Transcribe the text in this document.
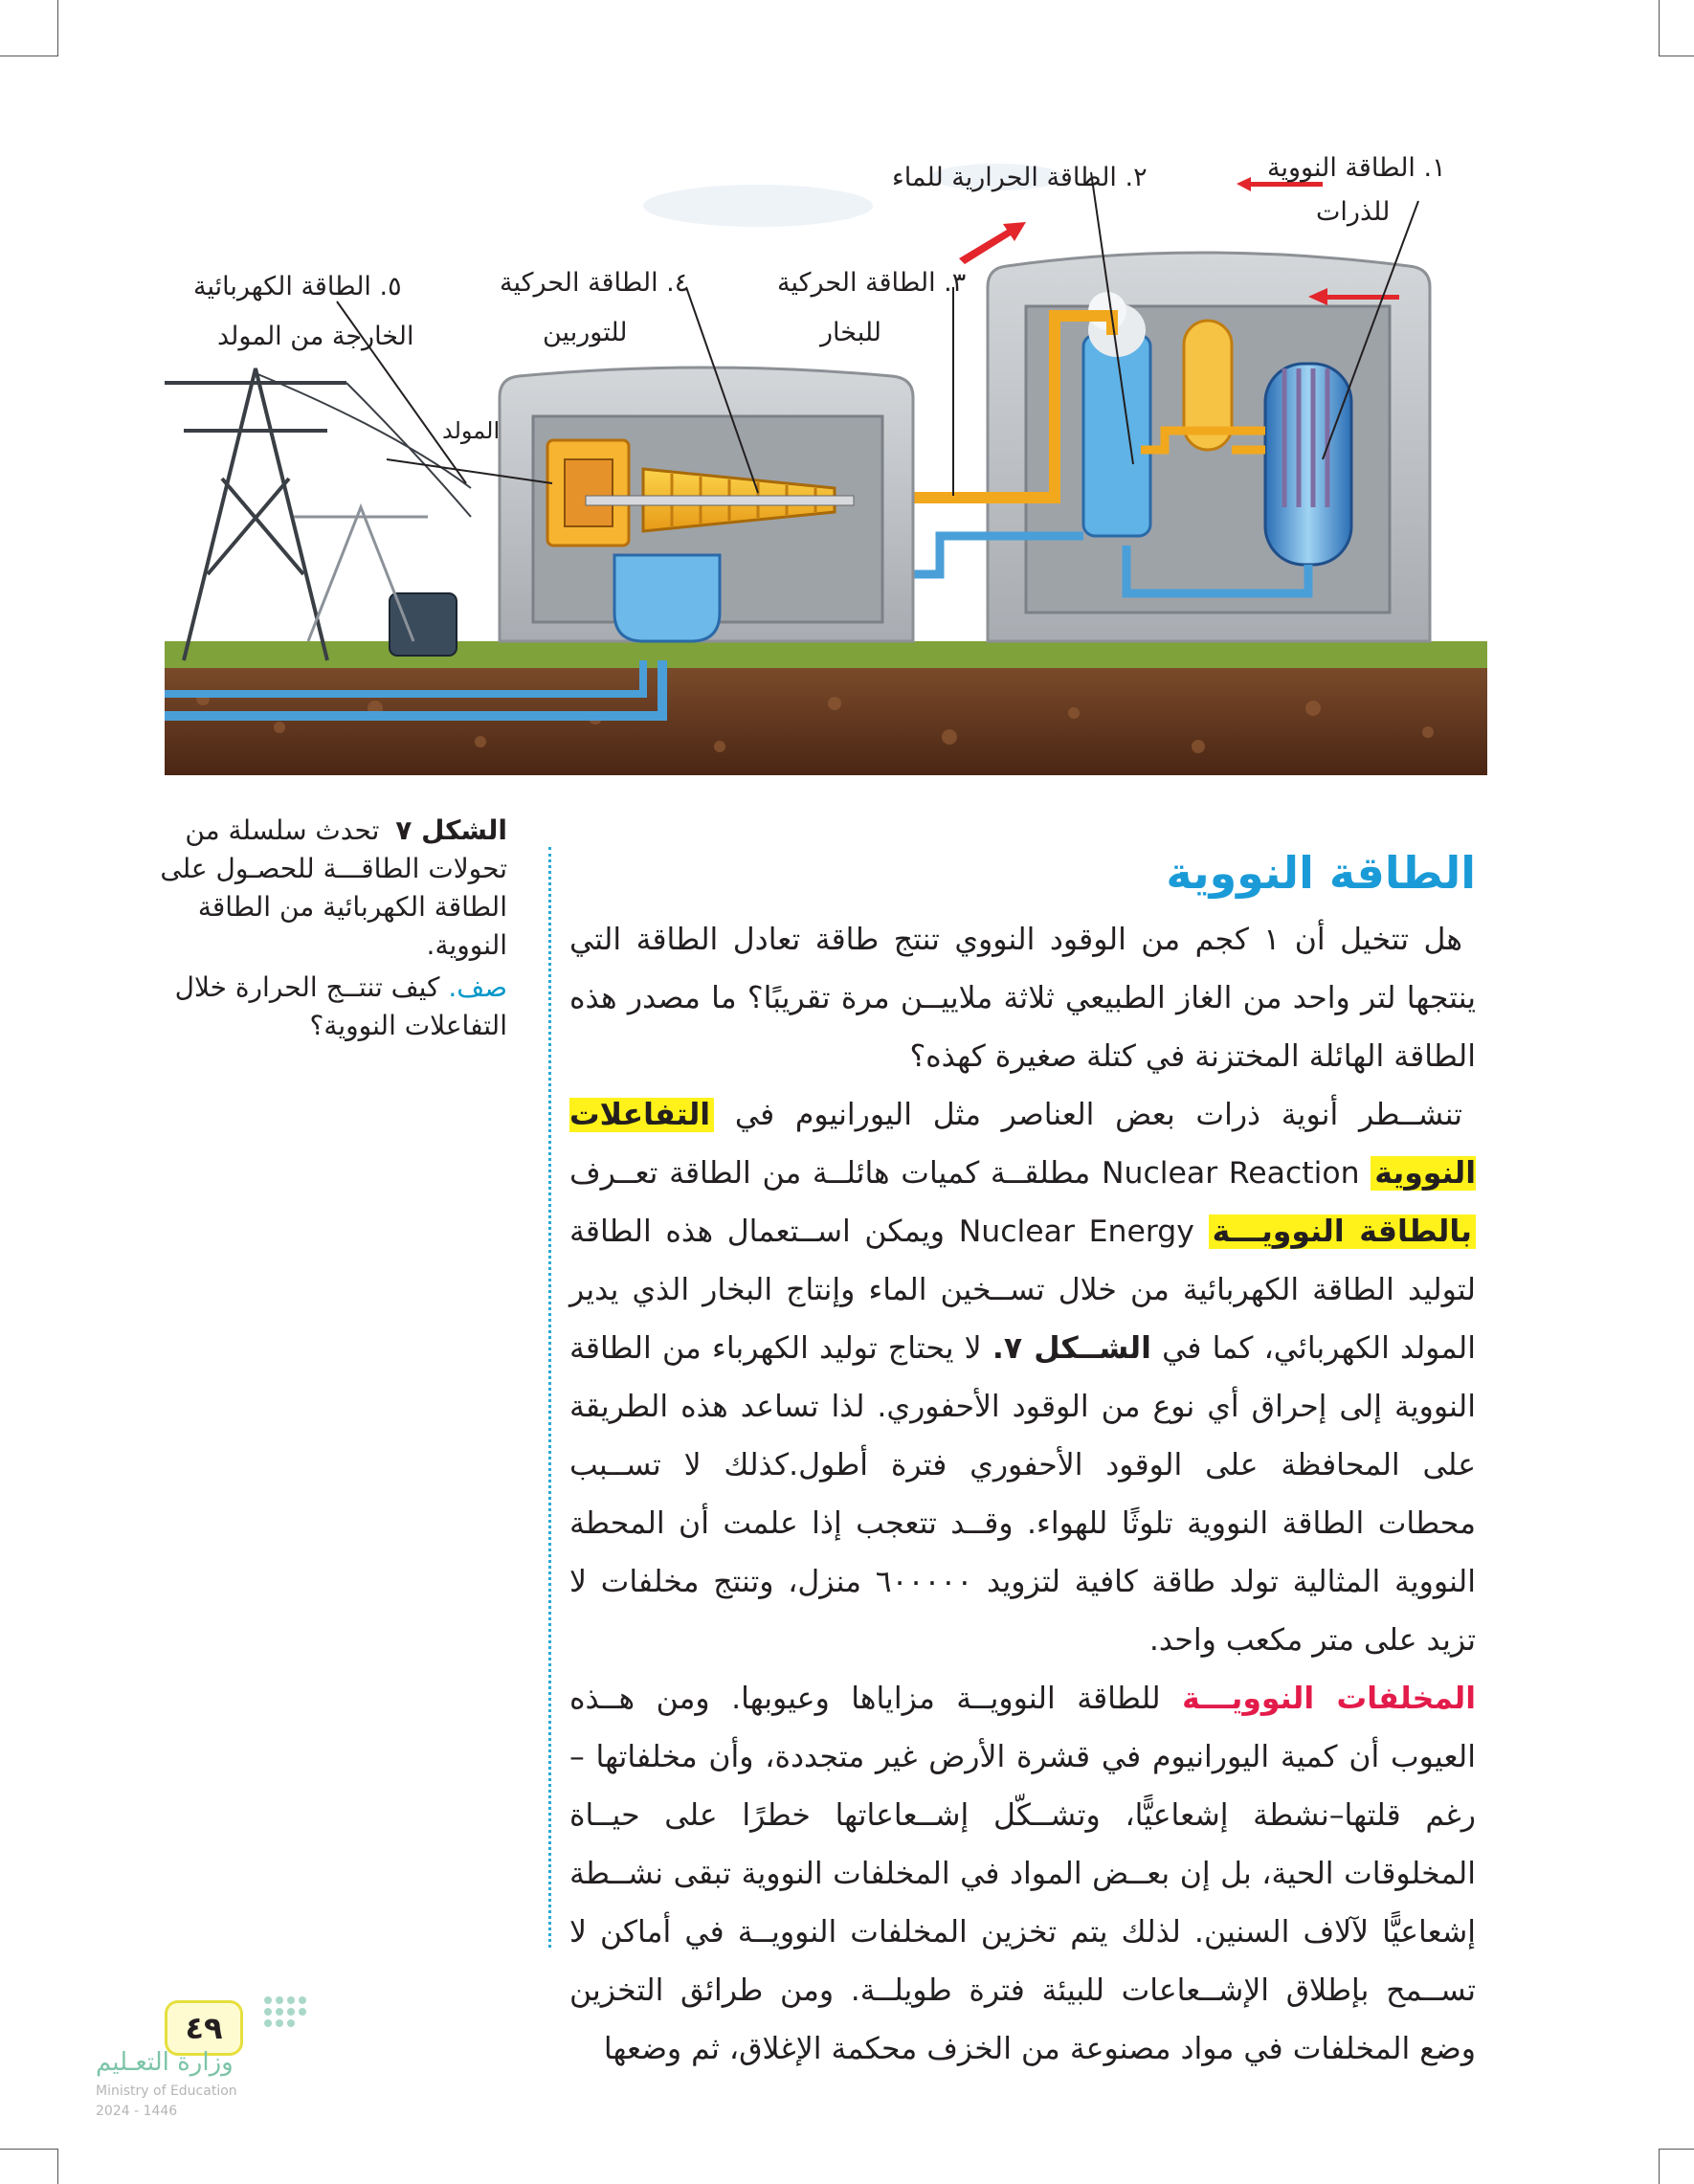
١. الطاقة النووية
للذرات
٢. الطاقة الحرارية للماء
٣. الطاقة الحركية
للبخار
٤. الطاقة الحركية
للتوربين
٥. الطاقة الكهربائية
الخارجة من المولد
المولد
الشكل ٧ تحدث سلسلة من تحولات الطاقـــة للحصـول على الطاقة الكهربائية من الطاقة النووية.
صف. كيف تنتــج الحرارة خلال التفاعلات النووية؟
الطاقة النووية

هل تتخيل أن ١ كجم من الوقود النووي تنتج طاقة تعادل الطاقة التي ينتجها لتر واحد من الغاز الطبيعي ثلاثة ملاييــن مرة تقريبًا؟ ما مصدر هذه الطاقة الهائلة المختزنة في كتلة صغيرة كهذه؟

تنشــطر أنوية ذرات بعض العناصر مثل اليورانيوم في التفاعلات النووية Nuclear Reaction مطلقــة كميات هائلــة من الطاقة تعــرف بالطاقة النوويـــة Nuclear Energy ويمكن اســتعمال هذه الطاقة لتوليد الطاقة الكهربائية من خلال تســخين الماء وإنتاج البخار الذي يدير المولد الكهربائي، كما في الشــكل ٧. لا يحتاج توليد الكهرباء من الطاقة النووية إلى إحراق أي نوع من الوقود الأحفوري. لذا تساعد هذه الطريقة على المحافظة على الوقود الأحفوري فترة أطول.كذلك لا تســبب محطات الطاقة النووية تلوثًا للهواء. وقــد تتعجب إذا علمت أن المحطة النووية المثالية تولد طاقة كافية لتزويد ٦٠٠٠٠٠ منزل، وتنتج مخلفات لا تزيد على متر مكعب واحد.

المخلفات النوويـــة للطاقة النوويــة مزاياها وعيوبها. ومن هــذه العيوب أن كمية اليورانيوم في قشرة الأرض غير متجددة، وأن مخلفاتها –رغم قلتها–نشطة إشعاعيًّا، وتشــكّل إشــعاعاتها خطرًا على حيــاة المخلوقات الحية، بل إن بعــض المواد في المخلفات النووية تبقى نشــطة إشعاعيًّا لآلاف السنين. لذلك يتم تخزين المخلفات النوويــة في أماكن لا تســمح بإطلاق الإشــعاعات للبيئة فترة طويلــة. ومن طرائق التخزين وضع المخلفات في مواد مصنوعة من الخزف محكمة الإغلاق، ثم وضعها

٤٩
وزارة التعـليم
Ministry of Education
2024 - 1446
